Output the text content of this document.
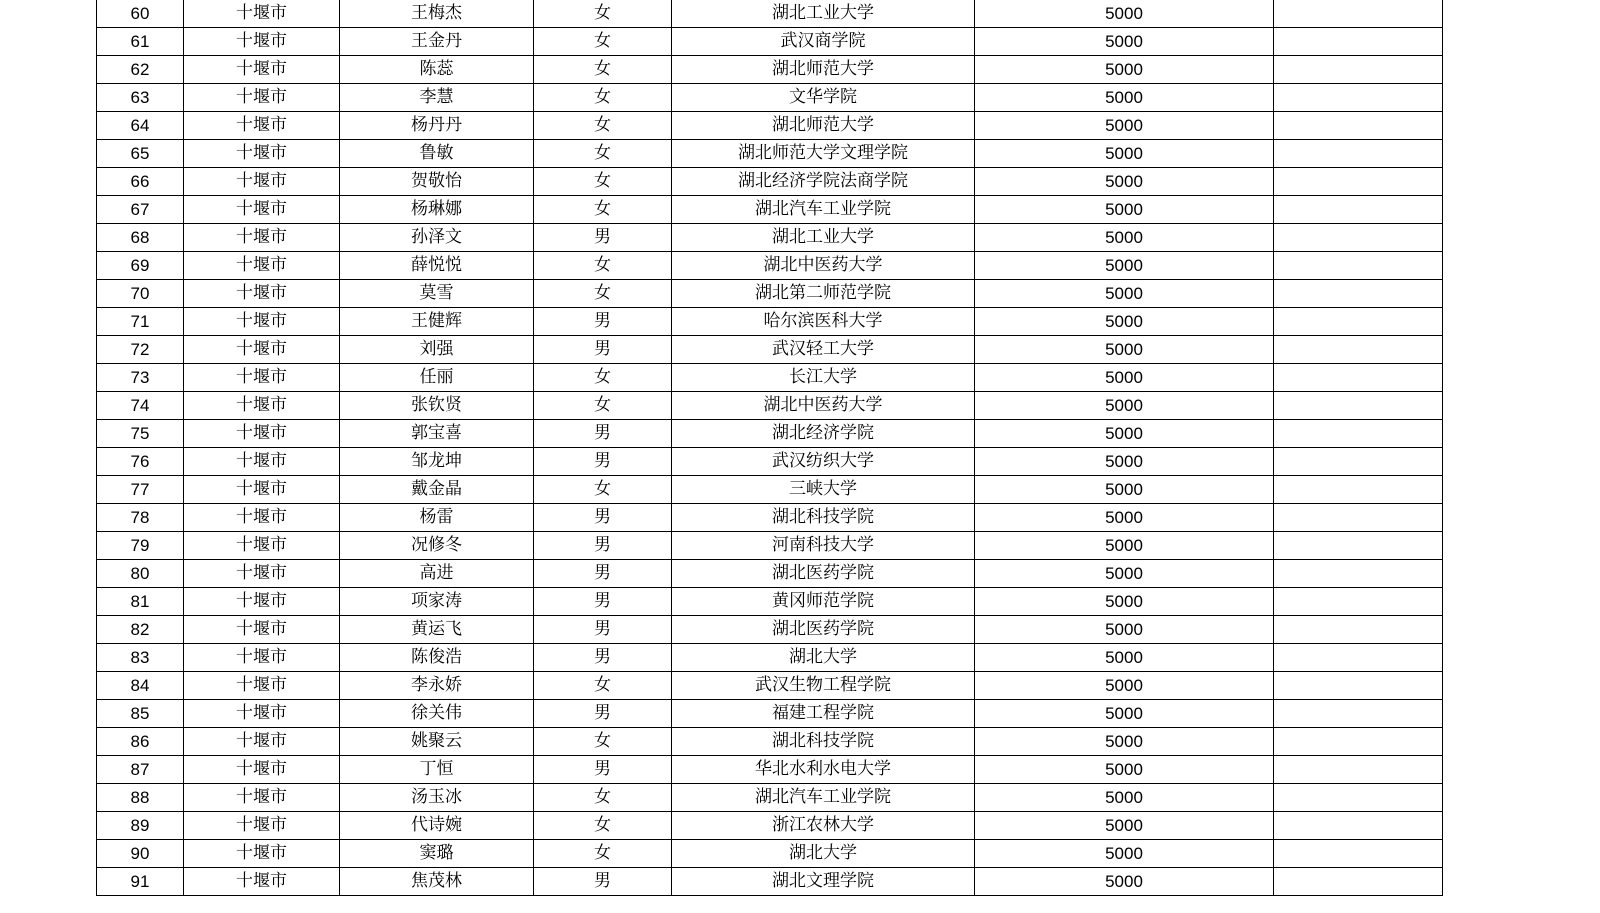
60	十堰市	王梅杰	女	湖北工业大学	5000	
61	十堰市	王金丹	女	武汉商学院	5000	
62	十堰市	陈蕊	女	湖北师范大学	5000	
63	十堰市	李慧	女	文华学院	5000	
64	十堰市	杨丹丹	女	湖北师范大学	5000	
65	十堰市	鲁敏	女	湖北师范大学文理学院	5000	
66	十堰市	贺敬怡	女	湖北经济学院法商学院	5000	
67	十堰市	杨琳娜	女	湖北汽车工业学院	5000	
68	十堰市	孙泽文	男	湖北工业大学	5000	
69	十堰市	薛悦悦	女	湖北中医药大学	5000	
70	十堰市	莫雪	女	湖北第二师范学院	5000	
71	十堰市	王健辉	男	哈尔滨医科大学	5000	
72	十堰市	刘强	男	武汉轻工大学	5000	
73	十堰市	任丽	女	长江大学	5000	
74	十堰市	张钦贤	女	湖北中医药大学	5000	
75	十堰市	郭宝喜	男	湖北经济学院	5000	
76	十堰市	邹龙坤	男	武汉纺织大学	5000	
77	十堰市	戴金晶	女	三峡大学	5000	
78	十堰市	杨雷	男	湖北科技学院	5000	
79	十堰市	况修冬	男	河南科技大学	5000	
80	十堰市	高进	男	湖北医药学院	5000	
81	十堰市	项家涛	男	黄冈师范学院	5000	
82	十堰市	黄运飞	男	湖北医药学院	5000	
83	十堰市	陈俊浩	男	湖北大学	5000	
84	十堰市	李永娇	女	武汉生物工程学院	5000	
85	十堰市	徐关伟	男	福建工程学院	5000	
86	十堰市	姚聚云	女	湖北科技学院	5000	
87	十堰市	丁恒	男	华北水利水电大学	5000	
88	十堰市	汤玉冰	女	湖北汽车工业学院	5000	
89	十堰市	代诗婉	女	浙江农林大学	5000	
90	十堰市	窦璐	女	湖北大学	5000	
91	十堰市	焦茂林	男	湖北文理学院	5000	
